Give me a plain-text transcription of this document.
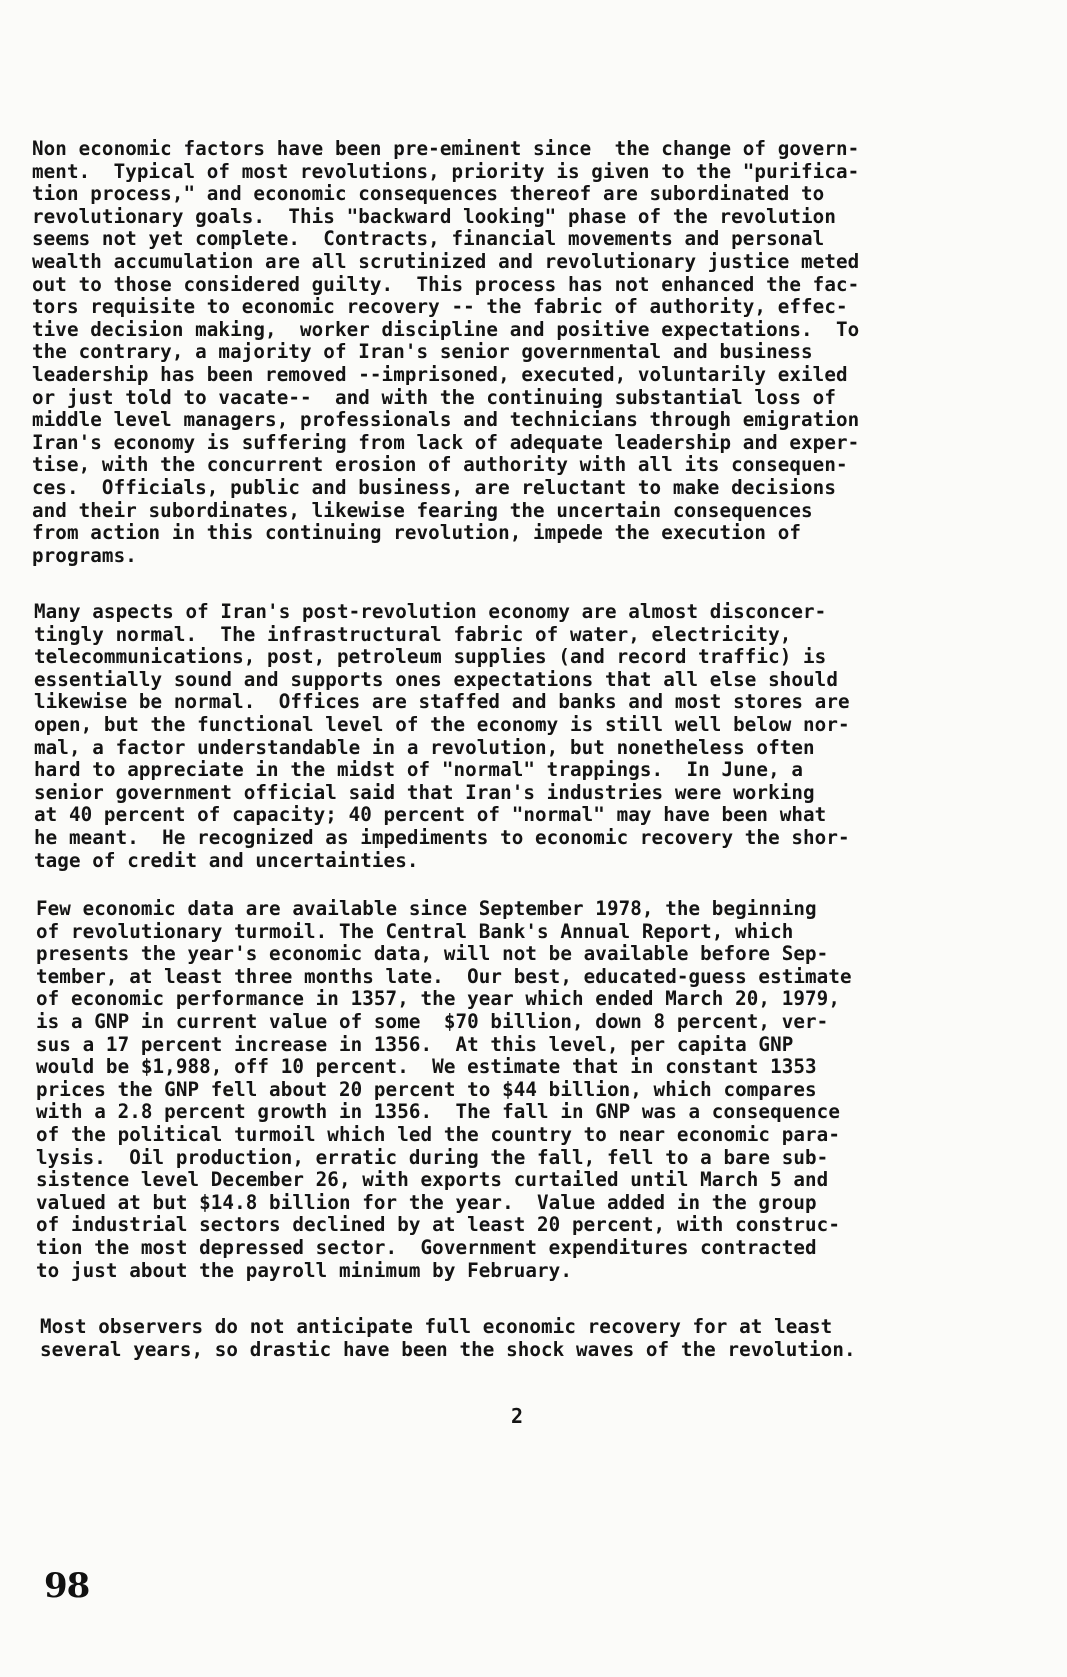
Non economic factors have been pre-eminent since  the change of govern-
ment.  Typical of most revolutions, priority is given to the "purifica-
tion process," and economic consequences thereof are subordinated to
revolutionary goals.  This "backward looking" phase of the revolution
seems not yet complete.  Contracts, financial movements and personal
wealth accumulation are all scrutinized and revolutionary justice meted
out to those considered guilty.  This process has not enhanced the fac-
tors requisite to economic recovery -- the fabric of authority, effec-
tive decision making,  worker discipline and positive expectations.  To
the contrary, a majority of Iran's senior governmental and business
leadership has been removed --imprisoned, executed, voluntarily exiled
or just told to vacate--  and with the continuing substantial loss of
middle level managers, professionals and technicians through emigration
Iran's economy is suffering from lack of adequate leadership and exper-
tise, with the concurrent erosion of authority with all its consequen-
ces.  Officials, public and business, are reluctant to make decisions
and their subordinates, likewise fearing the uncertain consequences
from action in this continuing revolution, impede the execution of
programs.

Many aspects of Iran's post-revolution economy are almost disconcer-
tingly normal.  The infrastructural fabric of water, electricity,
telecommunications, post, petroleum supplies (and record traffic) is
essentially sound and supports ones expectations that all else should
likewise be normal.  Offices are staffed and banks and most stores are
open, but the functional level of the economy is still well below nor-
mal, a factor understandable in a revolution, but nonetheless often
hard to appreciate in the midst of "normal" trappings.  In June, a
senior government official said that Iran's industries were working
at 40 percent of capacity; 40 percent of "normal" may have been what
he meant.  He recognized as impediments to economic recovery the shor-
tage of credit and uncertainties.

Few economic data are available since September 1978, the beginning
of revolutionary turmoil. The Central Bank's Annual Report, which
presents the year's economic data, will not be available before Sep-
tember, at least three months late.  Our best, educated-guess estimate
of economic performance in 1357, the year which ended March 20, 1979,
is a GNP in current value of some  $70 billion, down 8 percent, ver-
sus a 17 percent increase in 1356.  At this level, per capita GNP
would be $1,988, off 10 percent.  We estimate that in constant 1353
prices the GNP fell about 20 percent to $44 billion, which compares
with a 2.8 percent growth in 1356.  The fall in GNP was a consequence
of the political turmoil which led the country to near economic para-
lysis.  Oil production, erratic during the fall, fell to a bare sub-
sistence level December 26, with exports curtailed until March 5 and
valued at but $14.8 billion for the year.  Value added in the group
of industrial sectors declined by at least 20 percent, with construc-
tion the most depressed sector.  Government expenditures contracted
to just about the payroll minimum by February.

Most observers do not anticipate full economic recovery for at least
several years, so drastic have been the shock waves of the revolution.

2
98
